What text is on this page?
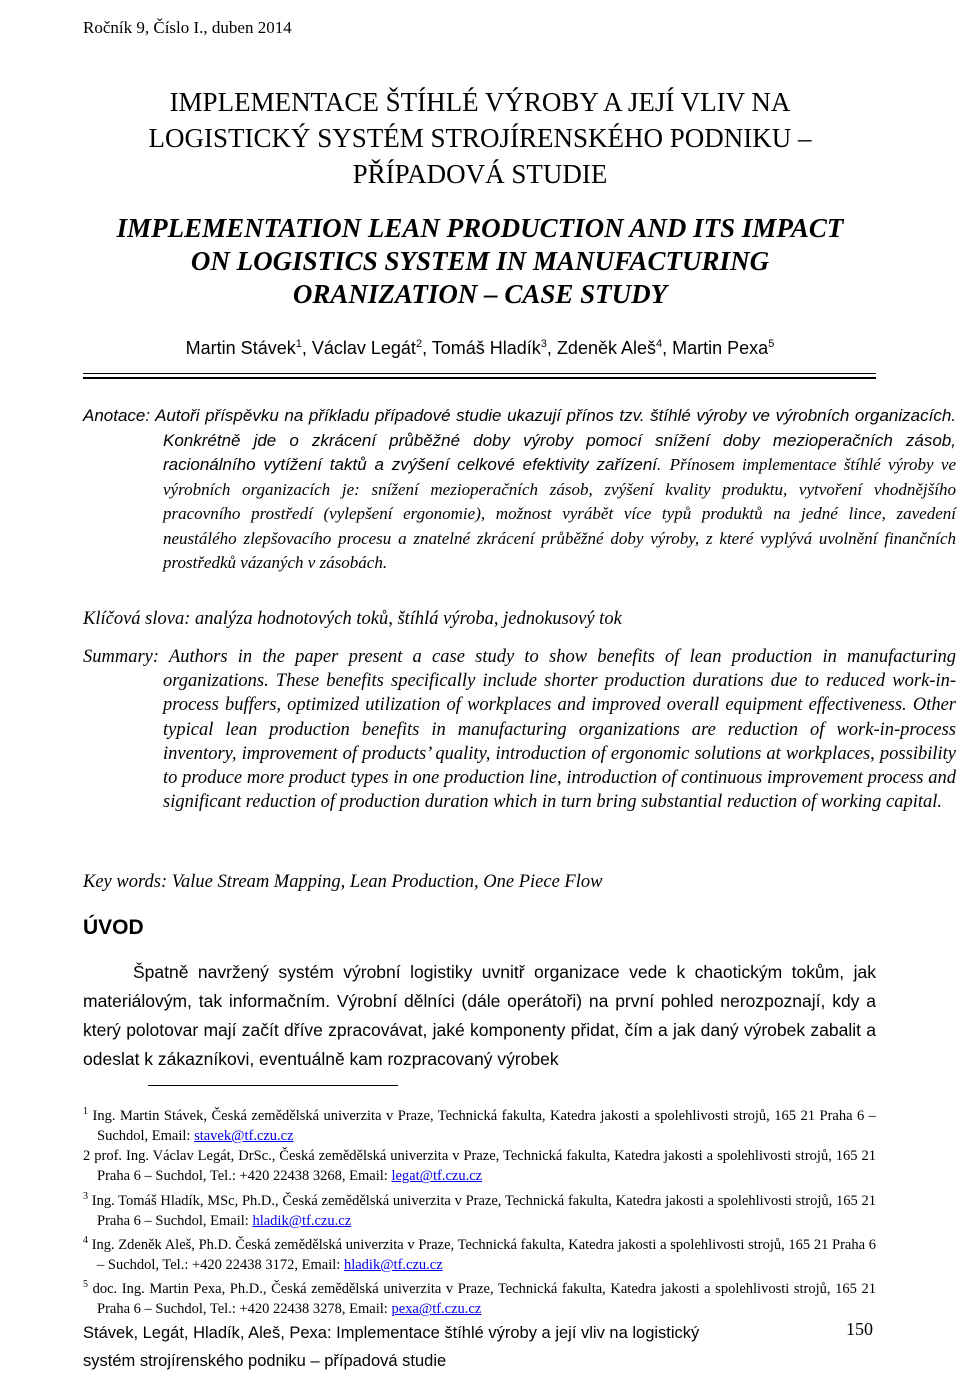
Ročník 9, Číslo I., duben 2014
IMPLEMENTACE ŠTÍHLÉ VÝROBY A JEJÍ VLIV NA
LOGISTICKÝ SYSTÉM STROJÍRENSKÉHO PODNIKU –
PŘÍPADOVÁ STUDIE
IMPLEMENTATION LEAN PRODUCTION AND ITS IMPACT
ON LOGISTICS SYSTEM IN MANUFACTURING
ORANIZATION – CASE STUDY
Martin Stávek$^1$, Václav Legát$^2$, Tomáš Hladík$^3$, Zdeněk Aleš$^4$, Martin Pexa$^5$
Anotace: Autoři příspěvku na příkladu případové studie ukazují přínos tzv. štíhlé výroby ve výrobních organizacích. Konkrétně jde o zkrácení průběžné doby výroby pomocí snížení doby mezioperačních zásob, racionálního vytížení taktů a zvýšení celkové efektivity zařízení. Přínosem implementace štíhlé výroby ve výrobních organizacích je: snížení mezioperačních zásob, zvýšení kvality produktu, vytvoření vhodnějšího pracovního prostředí (vylepšení ergonomie), možnost vyrábět více typů produktů na jedné lince, zavedení neustálého zlepšovacího procesu a znatelné zkrácení průběžné doby výroby, z které vyplývá uvolnění finančních prostředků vázaných v zásobách.
Klíčová slova: analýza hodnotových toků, štíhlá výroba, jednokusový tok
Summary: Authors in the paper present a case study to show benefits of lean production in manufacturing organizations. These benefits specifically include shorter production durations due to reduced work-in-process buffers, optimized utilization of workplaces and improved overall equipment effectiveness. Other typical lean production benefits in manufacturing organizations are reduction of work-in-process inventory, improvement of products’ quality, introduction of ergonomic solutions at workplaces, possibility to produce more product types in one production line, introduction of continuous improvement process and significant reduction of production duration which in turn bring substantial reduction of working capital.
Key words: Value Stream Mapping, Lean Production, One Piece Flow
ÚVOD
Špatně navržený systém výrobní logistiky uvnitř organizace vede k chaotickým tokům, jak materiálovým, tak informačním. Výrobní dělníci (dále operátoři) na první pohled nerozpoznají, kdy a který polotovar mají začít dříve zpracovávat, jaké komponenty přidat, čím a jak daný výrobek zabalit a odeslat k zákazníkovi, eventuálně kam rozpracovaný výrobek
$^1$ Ing. Martin Stávek, Česká zemědělská univerzita v Praze, Technická fakulta, Katedra jakosti a spolehlivosti strojů, 165 21 Praha 6 – Suchdol, Email: stavek@tf.czu.cz
2 prof. Ing. Václav Legát, DrSc., Česká zemědělská univerzita v Praze, Technická fakulta, Katedra jakosti a spolehlivosti strojů, 165 21 Praha 6 – Suchdol, Tel.: +420 22438 3268, Email: legat@tf.czu.cz
$^3$ Ing. Tomáš Hladík, MSc, Ph.D., Česká zemědělská univerzita v Praze, Technická fakulta, Katedra jakosti a spolehlivosti strojů, 165 21 Praha 6 – Suchdol, Email: hladik@tf.czu.cz
$^4$ Ing. Zdeněk Aleš, Ph.D. Česká zemědělská univerzita v Praze, Technická fakulta, Katedra jakosti a spolehlivosti strojů, 165 21 Praha 6 – Suchdol, Tel.: +420 22438 3172, Email: hladik@tf.czu.cz
$^5$ doc. Ing. Martin Pexa, Ph.D., Česká zemědělská univerzita v Praze, Technická fakulta, Katedra jakosti a spolehlivosti strojů, 165 21 Praha 6 – Suchdol, Tel.: +420 22438 3278, Email: pexa@tf.czu.cz
Stávek, Legát, Hladík, Aleš, Pexa: Implementace štíhlé výroby a její vliv na logistický
systém strojírenského podniku – případová studie
150
